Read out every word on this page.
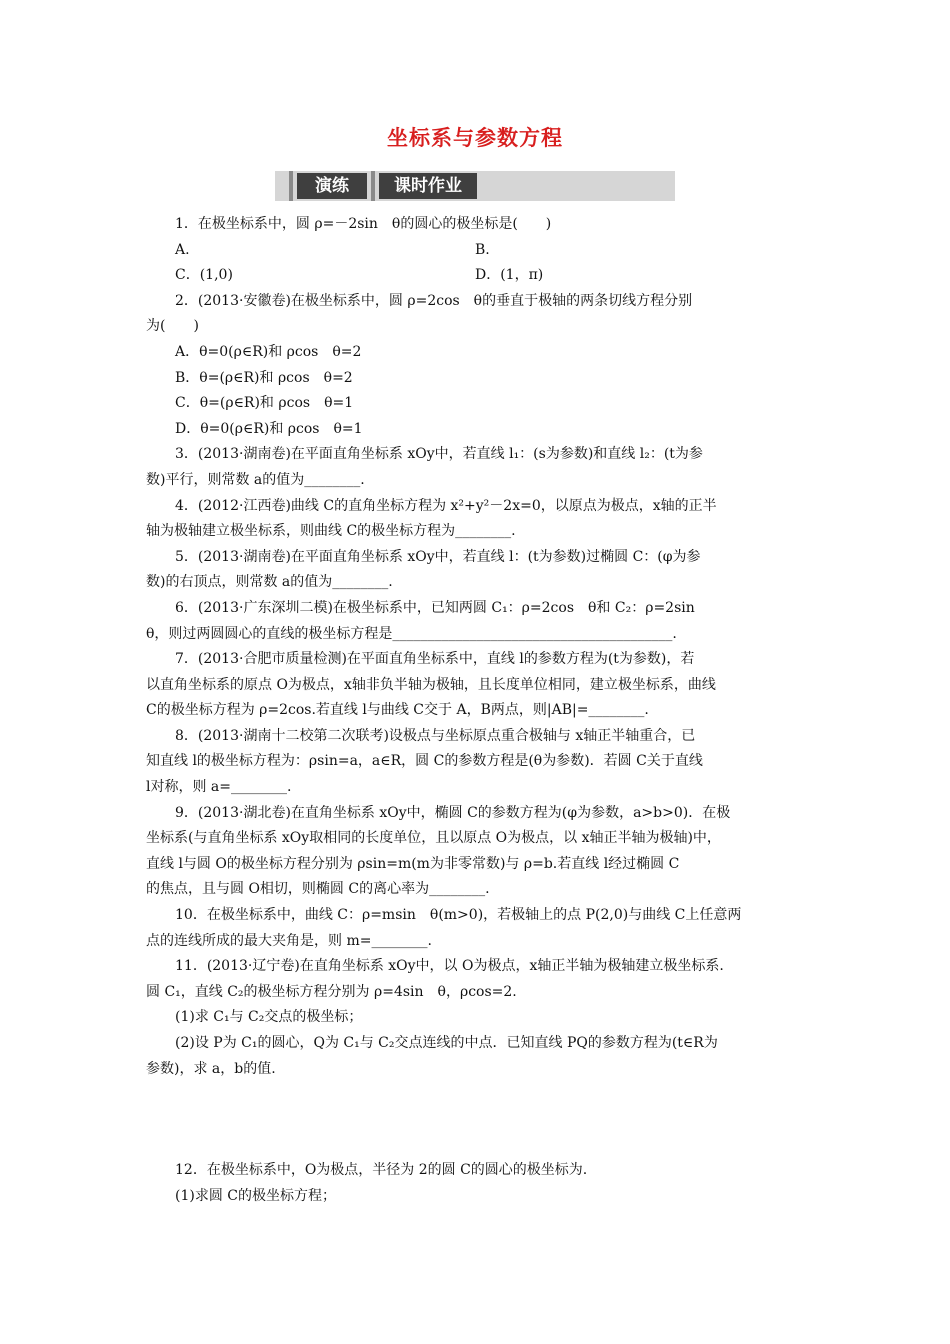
坐标系与参数方程
演练	课时作业
1．在极坐标系中，圆 ρ=－2sin　θ的圆心的极坐标是(　　)
A.	B.
C．(1,0)	D．(1，π)
2．(2013·安徽卷)在极坐标系中，圆 ρ=2cos　θ的垂直于极轴的两条切线方程分别
为(　　)
A．θ=0(ρ∈R)和 ρcos　θ=2
B．θ=(ρ∈R)和 ρcos　θ=2
C．θ=(ρ∈R)和 ρcos　θ=1
D．θ=0(ρ∈R)和 ρcos　θ=1
3．(2013·湖南卷)在平面直角坐标系 xOy中，若直线 l₁：(s为参数)和直线 l₂：(t为参
数)平行，则常数 a的值为________.
4．(2012·江西卷)曲线 C的直角坐标方程为 x²+y²－2x=0，以原点为极点，x轴的正半
轴为极轴建立极坐标系，则曲线 C的极坐标方程为________.
5．(2013·湖南卷)在平面直角坐标系 xOy中，若直线 l：(t为参数)过椭圆 C：(φ为参
数)的右顶点，则常数 a的值为________.
6．(2013·广东深圳二模)在极坐标系中，已知两圆 C₁：ρ=2cos　θ和 C₂：ρ=2sin
θ，则过两圆圆心的直线的极坐标方程是________________________________________.
7．(2013·合肥市质量检测)在平面直角坐标系中，直线 l的参数方程为(t为参数)，若
以直角坐标系的原点 O为极点，x轴非负半轴为极轴，且长度单位相同，建立极坐标系，曲线
C的极坐标方程为 ρ=2cos.若直线 l与曲线 C交于 A，B两点，则|AB|=________.
8．(2013·湖南十二校第二次联考)设极点与坐标原点重合极轴与 x轴正半轴重合，已
知直线 l的极坐标方程为：ρsin=a，a∈R，圆 C的参数方程是(θ为参数)．若圆 C关于直线
l对称，则 a=________.
9．(2013·湖北卷)在直角坐标系 xOy中，椭圆 C的参数方程为(φ为参数，a>b>0)．在极
坐标系(与直角坐标系 xOy取相同的长度单位，且以原点 O为极点，以 x轴正半轴为极轴)中，
直线 l与圆 O的极坐标方程分别为 ρsin=m(m为非零常数)与 ρ=b.若直线 l经过椭圆 C
的焦点，且与圆 O相切，则椭圆 C的离心率为________.
10．在极坐标系中，曲线 C：ρ=msin　θ(m>0)，若极轴上的点 P(2,0)与曲线 C上任意两
点的连线所成的最大夹角是，则 m=________.
11．(2013·辽宁卷)在直角坐标系 xOy中，以 O为极点，x轴正半轴为极轴建立极坐标系.
圆 C₁，直线 C₂的极坐标方程分别为 ρ=4sin　θ，ρcos=2.
(1)求 C₁与 C₂交点的极坐标；
(2)设 P为 C₁的圆心，Q为 C₁与 C₂交点连线的中点．已知直线 PQ的参数方程为(t∈R为
参数)，求 a，b的值.
12．在极坐标系中，O为极点，半径为 2的圆 C的圆心的极坐标为.
(1)求圆 C的极坐标方程；
